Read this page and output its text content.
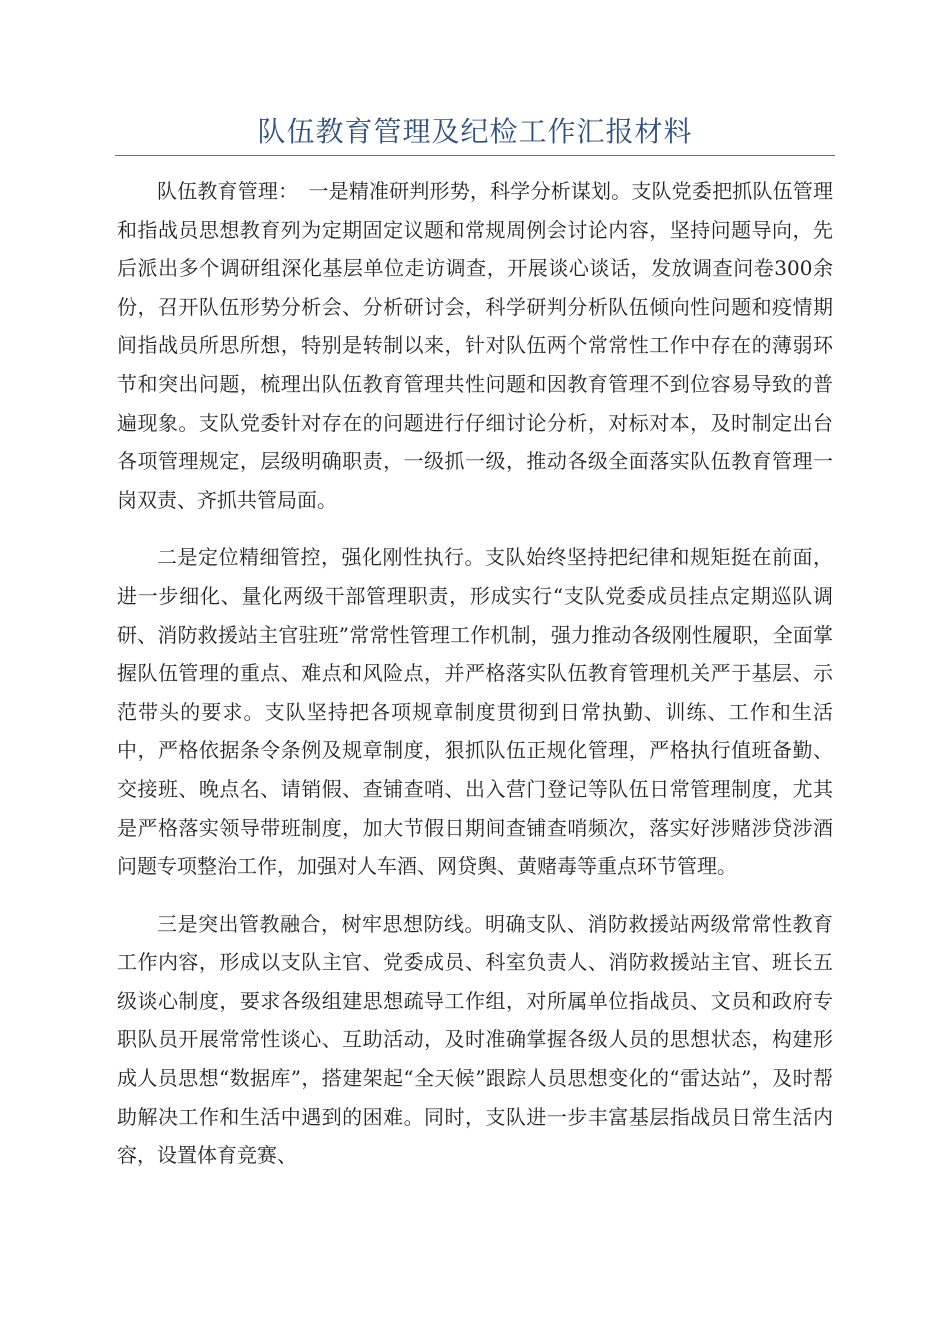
队伍教育管理及纪检工作汇报材料

队伍教育管理：　一是精准研判形势，科学分析谋划。支队党委把抓队伍管理和指战员思想教育列为定期固定议题和常规周例会讨论内容，坚持问题导向，先后派出多个调研组深化基层单位走访调查，开展谈心谈话，发放调查问卷300余份，召开队伍形势分析会、分析研讨会，科学研判分析队伍倾向性问题和疫情期间指战员所思所想，特别是转制以来，针对队伍两个常常性工作中存在的薄弱环节和突出问题，梳理出队伍教育管理共性问题和因教育管理不到位容易导致的普遍现象。支队党委针对存在的问题进行仔细讨论分析，对标对本，及时制定出台各项管理规定，层级明确职责，一级抓一级，推动各级全面落实队伍教育管理一岗双责、齐抓共管局面。

二是定位精细管控，强化刚性执行。支队始终坚持把纪律和规矩挺在前面，进一步细化、量化两级干部管理职责，形成实行“支队党委成员挂点定期巡队调研、消防救援站主官驻班”常常性管理工作机制，强力推动各级刚性履职，全面掌握队伍管理的重点、难点和风险点，并严格落实队伍教育管理机关严于基层、示范带头的要求。支队坚持把各项规章制度贯彻到日常执勤、训练、工作和生活中，严格依据条令条例及规章制度，狠抓队伍正规化管理，严格执行值班备勤、交接班、晚点名、请销假、查铺查哨、出入营门登记等队伍日常管理制度，尤其是严格落实领导带班制度，加大节假日期间查铺查哨频次，落实好涉赌涉贷涉酒问题专项整治工作，加强对人车酒、网贷舆、黄赌毒等重点环节管理。

三是突出管教融合，树牢思想防线。明确支队、消防救援站两级常常性教育工作内容，形成以支队主官、党委成员、科室负责人、消防救援站主官、班长五级谈心制度，要求各级组建思想疏导工作组，对所属单位指战员、文员和政府专职队员开展常常性谈心、互助活动，及时准确掌握各级人员的思想状态，构建形成人员思想“数据库”，搭建架起“全天候”跟踪人员思想变化的“雷达站”，及时帮助解决工作和生活中遇到的困难。同时，支队进一步丰富基层指战员日常生活内容，设置体育竞赛、
